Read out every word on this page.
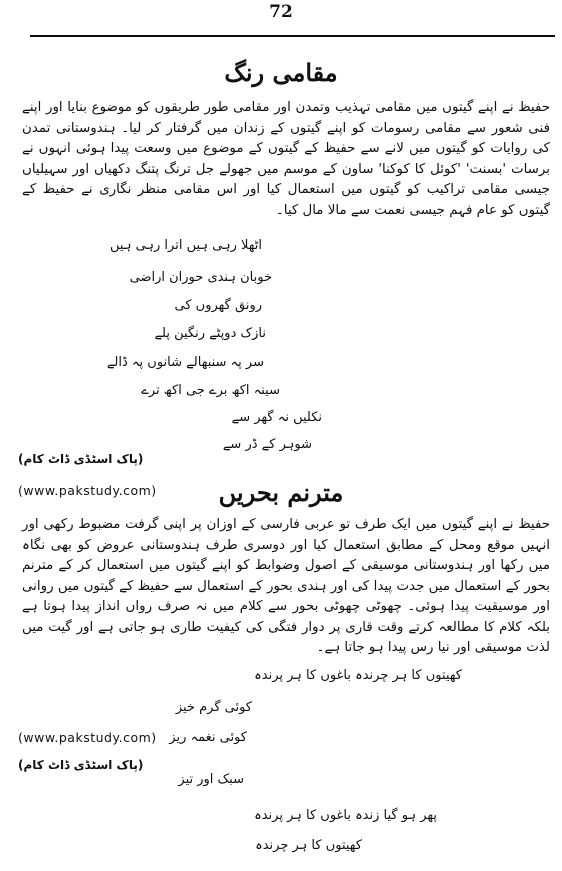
72
مقامی رنگ
حفیظ نے اپنے گیتوں میں مقامی تہذیب وتمدن اور مقامی طور طریقوں کو موضوع بنایا اور اپنے فنی شعور سے مقامی رسومات کو اپنے گیتوں کے زندان میں گرفتار کر لیا۔ ہندوستانی تمدن کی روایات کو گیتوں میں لانے سے حفیظ کے گیتوں کے موضوع میں وسعت پیدا ہوئی انہوں نے برسات 'بسنت' 'کوئل کا کوکنا' ساون کے موسم میں جھولے جل ترنگ پتنگ دکھیاں اور سہیلیاں جیسی مقامی تراکیب کو گیتوں میں استعمال کیا اور اس مقامی منظر نگاری نے حفیظ کے گیتوں کو عام فہم جیسی نعمت سے مالا مال کیا۔
اٹھلا رہی ہیں اترا رہی ہیں
خوبان ہندی حوران اراضی
رونق گھروں کی
نازک دوپٹے رنگین پلے
سر پہ سنبھالے شانوں پہ ڈالے
سینہ اکھ برے جی اکھ ترے
نکلیں نہ گھر سے
شوہر کے ڈر سے
(پاک اسٹڈی ڈاٹ کام)
(www.pakstudy.com)	مترنم بحریں
حفیظ نے اپنے گیتوں میں ایک طرف تو عربی فارسی کے اوزان پر اپنی گرفت مضبوط رکھی اور انہیں موقع ومحل کے مطابق استعمال کیا اور دوسری طرف ہندوستانی عروض کو بھی نگاہ میں رکھا اور ہندوستانی موسیقی کے اصول وضوابط کو اپنے گیتوں میں استعمال کر کے مترنم بحور کے استعمال میں جدت پیدا کی اور ہندی بحور کے استعمال سے حفیظ کے گیتوں میں روانی اور موسیقیت پیدا ہوئی۔ چھوٹی چھوٹی بحور سے کلام میں نہ صرف رواں انداز پیدا ہوتا ہے بلکہ کلام کا مطالعہ کرتے وقت قاری پر دوار فتگی کی کیفیت طاری ہو جاتی ہے اور گیت میں لذت موسیقی اور نیا رس پیدا ہو جاتا ہے۔
کھیتوں کا ہر چرندہ باغوں کا ہر پرندہ
کوئی گرم خیز
(www.pakstudy.com) کوئی نغمہ ریز
(پاک اسٹڈی ڈاٹ کام)
سبک اور تیز
پھر ہو گیا زندہ باغوں کا ہر پرندہ
کھیتوں کا ہر چرندہ
